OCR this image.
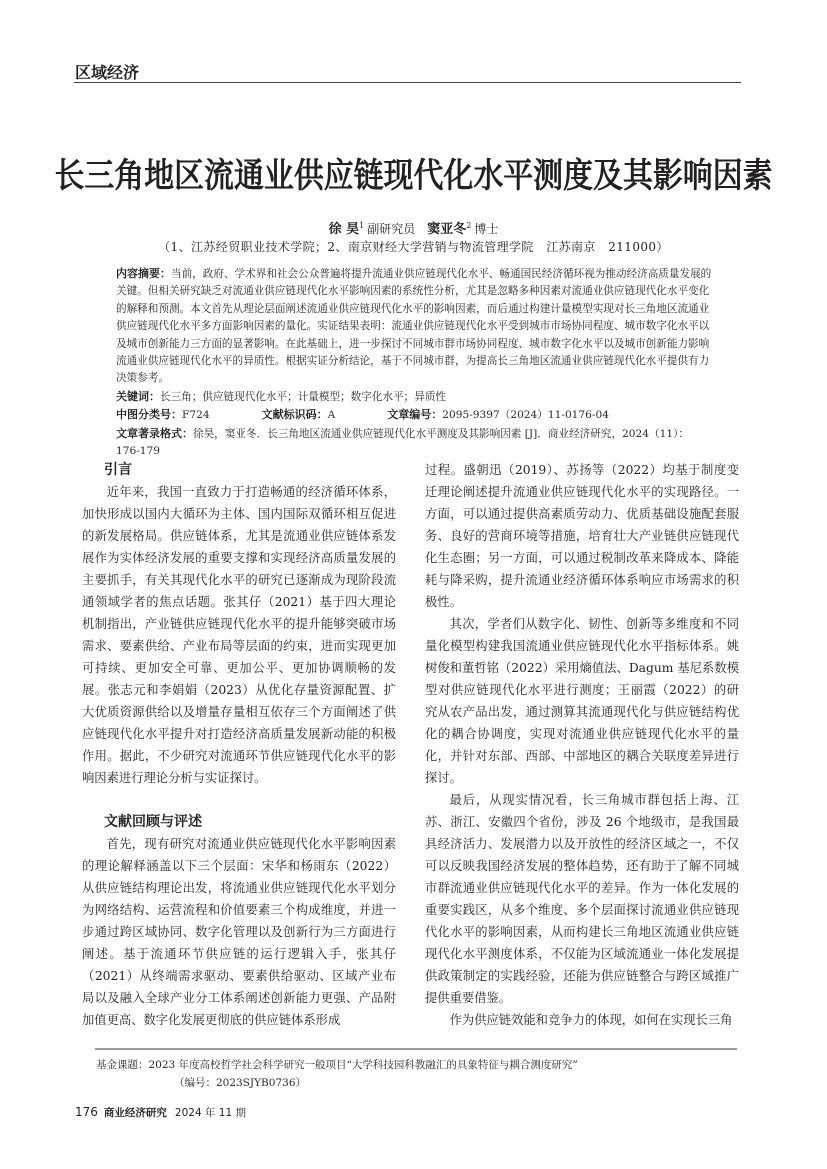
区域经济
长三角地区流通业供应链现代化水平测度及其影响因素
徐 昊$^1$ 副研究员  窦亚冬$^2$ 博士
（1、江苏经贸职业技术学院；2、南京财经大学营销与物流管理学院　江苏南京　211000）
内容摘要：当前，政府、学术界和社会公众普遍将提升流通业供应链现代化水平、畅通国民经济循环视为推动经济高质量发展的关键。但相关研究缺乏对流通业供应链现代化水平影响因素的系统性分析，尤其是忽略多种因素对流通业供应链现代化水平变化的解释和预测。本文首先从理论层面阐述流通业供应链现代化水平的影响因素，而后通过构建计量模型实现对长三角地区流通业供应链现代化水平多方面影响因素的量化。实证结果表明：流通业供应链现代化水平受到城市市场协同程度、城市数字化水平以及城市创新能力三方面的显著影响。在此基础上，进一步探讨不同城市群市场协同程度、城市数字化水平以及城市创新能力影响流通业供应链现代化水平的异质性。根据实证分析结论，基于不同城市群，为提高长三角地区流通业供应链现代化水平提供有力决策参考。
关键词：长三角；供应链现代化水平；计量模型；数字化水平；异质性
中图分类号：F724	文献标识码：A	文章编号：2095-9397（2024）11-0176-04
文章著录格式：徐昊，窦亚冬．长三角地区流通业供应链现代化水平测度及其影响因素 [J]．商业经济研究，2024（11）：176-179
引言

近年来，我国一直致力于打造畅通的经济循环体系，加快形成以国内大循环为主体、国内国际双循环相互促进的新发展格局。供应链体系，尤其是流通业供应链体系发展作为实体经济发展的重要支撑和实现经济高质量发展的主要抓手，有关其现代化水平的研究已逐渐成为现阶段流通领域学者的焦点话题。张其仔（2021）基于四大理论机制指出，产业链供应链现代化水平的提升能够突破市场需求、要素供给、产业布局等层面的约束，进而实现更加可持续、更加安全可靠、更加公平、更加协调顺畅的发展。张志元和李娟娟（2023）从优化存量资源配置、扩大优质资源供给以及增量存量相互依存三个方面阐述了供应链现代化水平提升对打造经济高质量发展新动能的积极作用。据此，不少研究对流通环节供应链现代化水平的影响因素进行理论分析与实证探讨。

文献回顾与评述

首先，现有研究对流通业供应链现代化水平影响因素的理论解释涵盖以下三个层面：宋华和杨雨东（2022）从供应链结构理论出发，将流通业供应链现代化水平划分为网络结构、运营流程和价值要素三个构成维度，并进一步通过跨区域协同、数字化管理以及创新行为三方面进行阐述。基于流通环节供应链的运行逻辑入手，张其仔（2021）从终端需求驱动、要素供给驱动、区域产业布局以及融入全球产业分工体系阐述创新能力更强、产品附加值更高、数字化发展更彻底的供应链体系形成

过程。盛朝迅（2019）、苏扬等（2022）均基于制度变迁理论阐述提升流通业供应链现代化水平的实现路径。一方面，可以通过提供高素质劳动力、优质基础设施配套服务、良好的营商环境等措施，培育壮大产业链供应链现代化生态圈；另一方面，可以通过税制改革来降成本、降能耗与降采购，提升流通业经济循环体系响应市场需求的积极性。

其次，学者们从数字化、韧性、创新等多维度和不同量化模型构建我国流通业供应链现代化水平指标体系。姚树俊和董哲铭（2022）采用熵值法、Dagum 基尼系数模型对供应链现代化水平进行测度；王丽霞（2022）的研究从农产品出发，通过测算其流通现代化与供应链结构优化的耦合协调度，实现对流通业供应链现代化水平的量化，并针对东部、西部、中部地区的耦合关联度差异进行探讨。

最后，从现实情况看，长三角城市群包括上海、江苏、浙江、安徽四个省份，涉及 26 个地级市，是我国最具经济活力、发展潜力以及开放性的经济区域之一，不仅可以反映我国经济发展的整体趋势，还有助于了解不同城市群流通业供应链现代化水平的差异。作为一体化发展的重要实践区，从多个维度、多个层面探讨流通业供应链现代化水平的影响因素，从而构建长三角地区流通业供应链现代化水平测度体系，不仅能为区域流通业一体化发展提供政策制定的实践经验，还能为供应链整合与跨区域推广提供重要借鉴。

作为供应链效能和竞争力的体现，如何在实现长三角

基金课题：2023 年度高校哲学社会科学研究一般项目“大学科技园科教融汇的具象特征与耦合测度研究”
（编号：2023SJYB0736）
176 商业经济研究 2024 年 11 期
